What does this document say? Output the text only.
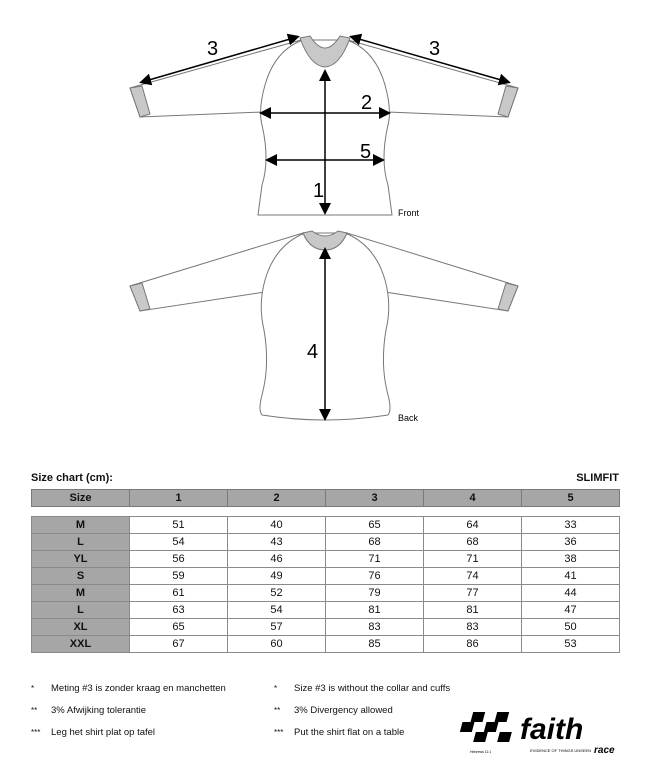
3	3
2
5
1
Front
4
Back
Size chart (cm):	SLIMFIT
Size	1	2	3	4	5

M	51	40	65	64	33
L	54	43	68	68	36
YL	56	46	71	71	38
S	59	49	76	74	41
M	61	52	79	77	44
L	63	54	81	81	47
XL	65	57	83	83	50
XXL	67	60	85	86	53
* Meting #3 is zonder kraag en manchetten
** 3% Afwijking tolerantie
*** Leg het shirt plat op tafel
* Size #3 is without the collar and cuffs
** 3% Divergency allowed
*** Put the shirt flat on a table	faith
Hebrews 11:1	EVIDENCE OF THINGS UNSEEN race
